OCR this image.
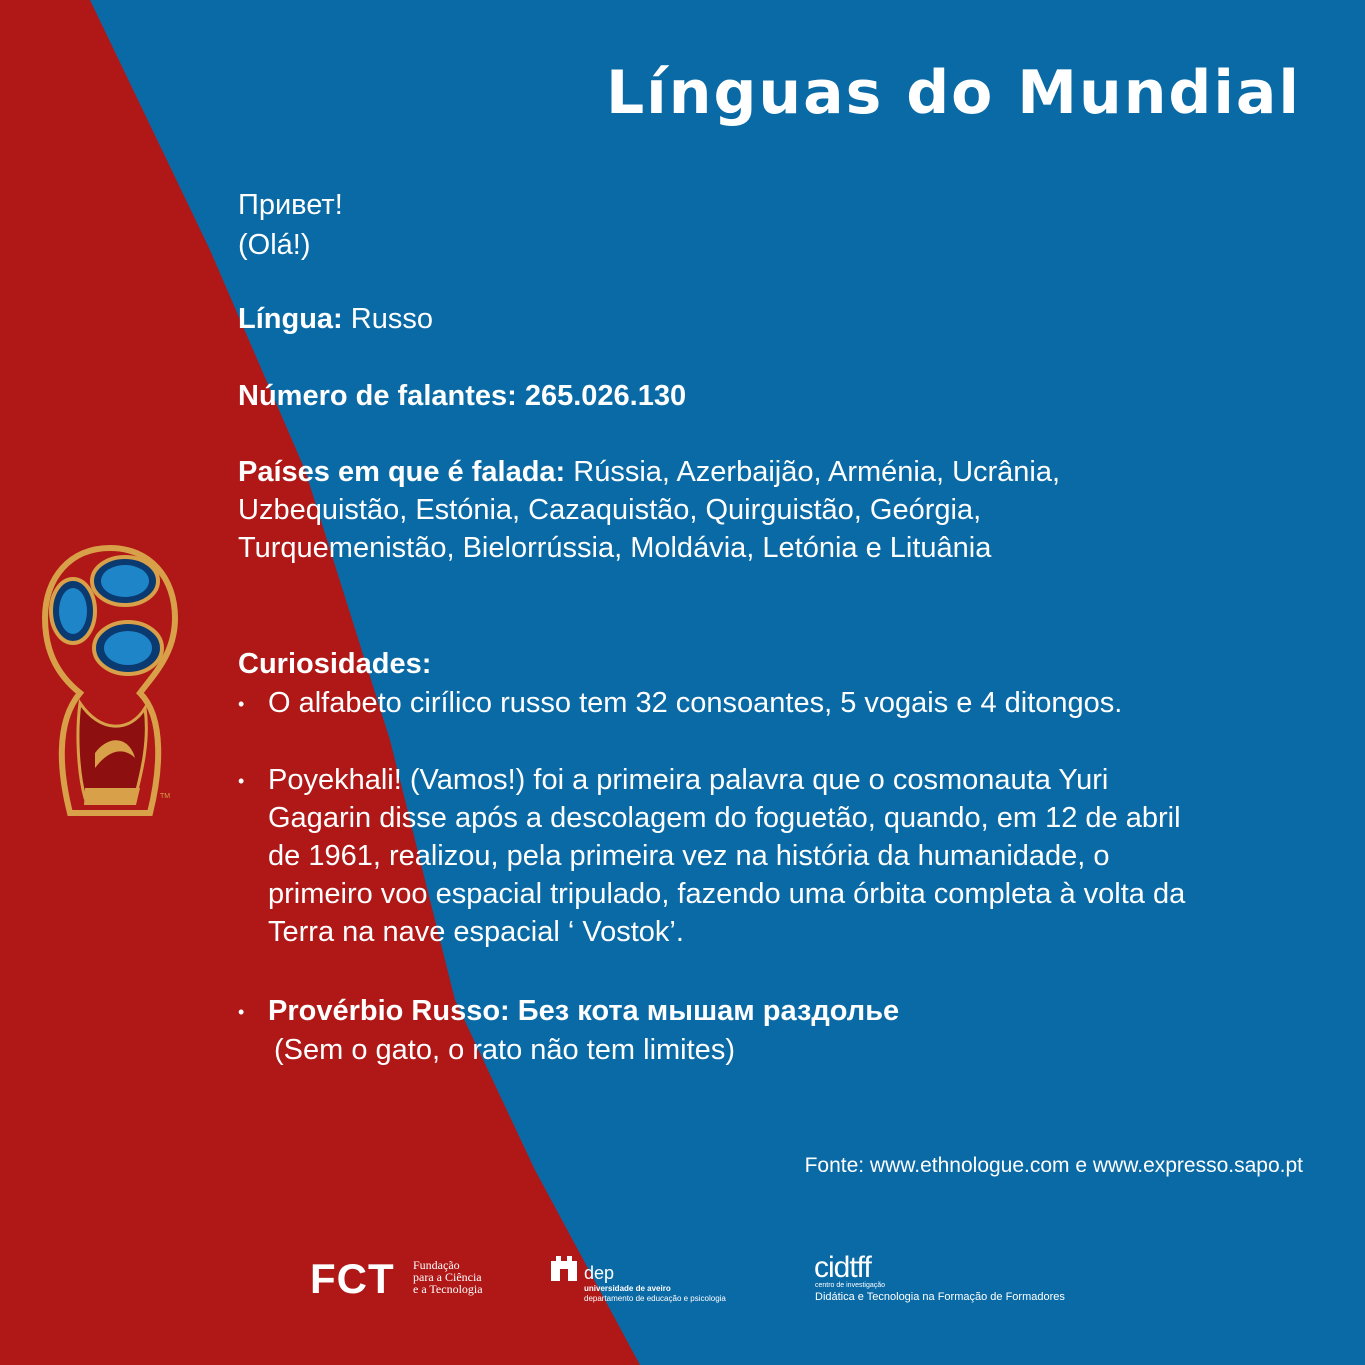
Línguas do Mundial
TM
Привет!
(Olá!)
Língua: Russo
Número de falantes: 265.026.130
Países em que é falada: Rússia, Azerbaijão, Arménia, Ucrânia,
Uzbequistão, Estónia, Cazaquistão, Quirguistão, Geórgia,
Turquemenistão, Bielorrússia, Moldávia, Letónia e Lituânia
Curiosidades:
• O alfabeto cirílico russo tem 32 consoantes, 5 vogais e 4 ditongos.
• Poyekhali! (Vamos!) foi a primeira palavra que o cosmonauta Yuri
Gagarin disse após a descolagem do foguetão, quando, em 12 de abril
de 1961, realizou, pela primeira vez na história da humanidade, o
primeiro voo espacial tripulado, fazendo uma órbita completa à volta da
Terra na nave espacial ‘ Vostok’.
• Provérbio Russo: Без кота мышам раздолье
(Sem o gato, o rato não tem limites)
Fonte: www.ethnologue.com e www.expresso.sapo.pt
FCT Fundação
para a Ciência
e a Tecnologia
dep
universidade de aveiro
departamento de educação e psicologia
cidtff
centro de investigação
Didática e Tecnologia na Formação de Formadores
